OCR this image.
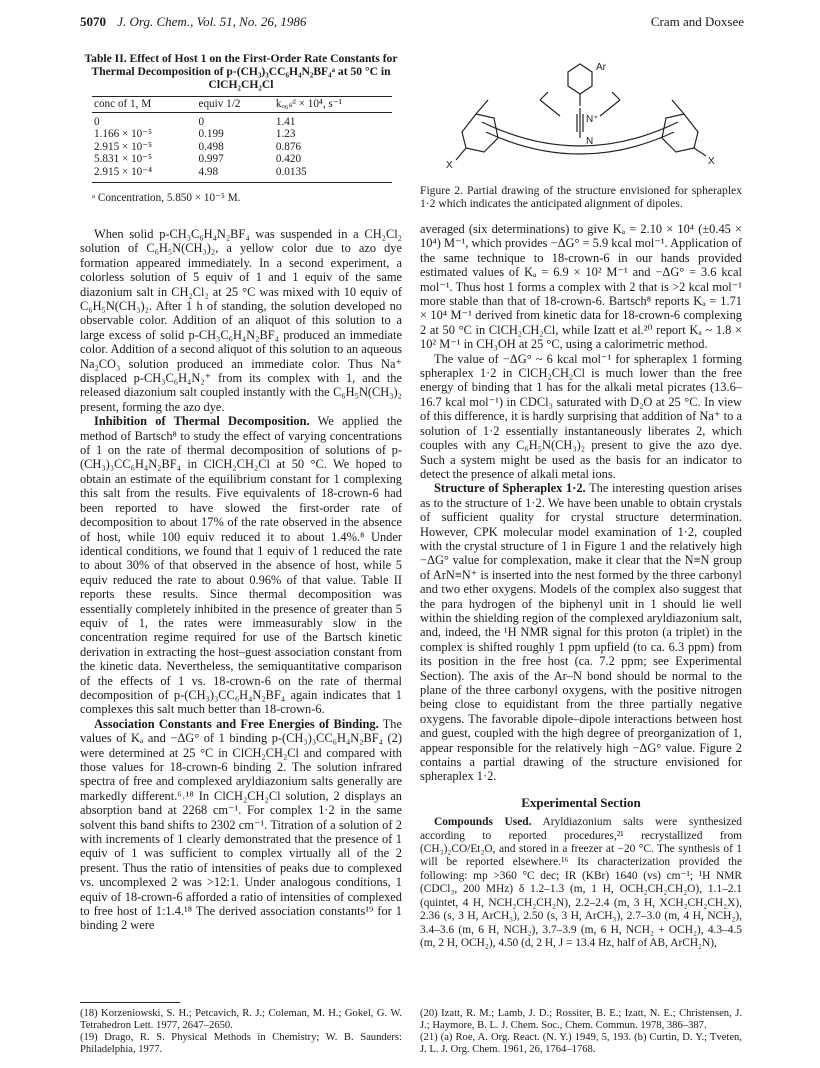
5070 J. Org. Chem., Vol. 51, No. 26, 1986	Cram and Doxsee
Table II. Effect of Host 1 on the First-Order Rate Constants for Thermal Decomposition of p-(CH₃)₃CC₆H₄N₂BF₄ᵃ at 50 °C in ClCH₂CH₂Cl
conc of 1, M	equiv 1/2	kₒ₆ₛᵈ × 10⁴, s⁻¹
0	0	1.41
1.166 × 10⁻⁵	0.199	1.23
2.915 × 10⁻⁵	0.498	0.876
5.831 × 10⁻⁵	0.997	0.420
2.915 × 10⁻⁴	4.98	0.0135
ᵃ Concentration, 5.850 × 10⁻⁵ M.

When solid p-CH₃C₆H₄N₂BF₄ was suspended in a CH₂Cl₂ solution of C₆H₅N(CH₃)₂, a yellow color due to azo dye formation appeared immediately. In a second experiment, a colorless solution of 5 equiv of 1 and 1 equiv of the same diazonium salt in CH₂Cl₂ at 25 °C was mixed with 10 equiv of C₆H₅N(CH₃)₂. After 1 h of standing, the solution developed no observable color. Addition of an aliquot of this solution to a large excess of solid p-CH₃C₆H₄N₂BF₄ produced an immediate color. Addition of a second aliquot of this solution to an aqueous Na₂CO₃ solution produced an immediate color. Thus Na⁺ displaced p-CH₃C₆H₄N₂⁺ from its complex with 1, and the released diazonium salt coupled instantly with the C₆H₅N(CH₃)₂ present, forming the azo dye.

Inhibition of Thermal Decomposition. We applied the method of Bartsch⁸ to study the effect of varying concentrations of 1 on the rate of thermal decomposition of solutions of p-(CH₃)₃CC₆H₄N₂BF₄ in ClCH₂CH₂Cl at 50 °C. We hoped to obtain an estimate of the equilibrium constant for 1 complexing this salt from the results. Five equivalents of 18-crown-6 had been reported to have slowed the first-order rate of decomposition to about 17% of the rate observed in the absence of host, while 100 equiv reduced it to about 1.4%.⁸ Under identical conditions, we found that 1 equiv of 1 reduced the rate to about 30% of that observed in the absence of host, while 5 equiv reduced the rate to about 0.96% of that value. Table II reports these results. Since thermal decomposition was essentially completely inhibited in the presence of greater than 5 equiv of 1, the rates were immeasurably slow in the concentration regime required for use of the Bartsch kinetic derivation in extracting the host–guest association constant from the kinetic data. Nevertheless, the semiquantitative comparison of the effects of 1 vs. 18-crown-6 on the rate of thermal decomposition of p-(CH₃)₃CC₆H₄N₂BF₄ again indicates that 1 complexes this salt much better than 18-crown-6.

Association Constants and Free Energies of Binding. The values of Kₐ and −ΔG° of 1 binding p-(CH₃)₃CC₆H₄N₂BF₄ (2) were determined at 25 °C in ClCH₂CH₂Cl and compared with those values for 18-crown-6 binding 2. The solution infrared spectra of free and complexed aryldiazonium salts generally are markedly different.⁶˒¹⁸ In ClCH₂CH₂Cl solution, 2 displays an absorption band at 2268 cm⁻¹. For complex 1·2 in the same solvent this band shifts to 2302 cm⁻¹. Titration of a solution of 2 with increments of 1 clearly demonstrated that the presence of 1 equiv of 1 was sufficient to complex virtually all of the 2 present. Thus the ratio of intensities of peaks due to complexed vs. uncomplexed 2 was >12:1. Under analogous conditions, 1 equiv of 18-crown-6 afforded a ratio of intensities of complexed to free host of 1:1.4.¹⁸ The derived association constants¹⁹ for 1 binding 2 were

Ar
N⁺
N
X	X
Figure 2. Partial drawing of the structure envisioned for spheraplex 1·2 which indicates the anticipated alignment of dipoles.

averaged (six determinations) to give Kₐ = 2.10 × 10⁴ (±0.45 × 10⁴) M⁻¹, which provides −ΔG° = 5.9 kcal mol⁻¹. Application of the same technique to 18-crown-6 in our hands provided estimated values of Kₐ = 6.9 × 10² M⁻¹ and −ΔG° = 3.6 kcal mol⁻¹. Thus host 1 forms a complex with 2 that is >2 kcal mol⁻¹ more stable than that of 18-crown-6. Bartsch⁸ reports Kₐ = 1.71 × 10⁴ M⁻¹ derived from kinetic data for 18-crown-6 complexing 2 at 50 °C in ClCH₂CH₂Cl, while Izatt et al.²⁰ report Kₐ ~ 1.8 × 10² M⁻¹ in CH₃OH at 25 °C, using a calorimetric method.

The value of −ΔG° ~ 6 kcal mol⁻¹ for spheraplex 1 forming spheraplex 1·2 in ClCH₂CH₂Cl is much lower than the free energy of binding that 1 has for the alkali metal picrates (13.6–16.7 kcal mol⁻¹) in CDCl₃ saturated with D₂O at 25 °C. In view of this difference, it is hardly surprising that addition of Na⁺ to a solution of 1·2 essentially instantaneously liberates 2, which couples with any C₆H₅N(CH₃)₂ present to give the azo dye. Such a system might be used as the basis for an indicator to detect the presence of alkali metal ions.

Structure of Spheraplex 1·2. The interesting question arises as to the structure of 1·2. We have been unable to obtain crystals of sufficient quality for crystal structure determination. However, CPK molecular model examination of 1·2, coupled with the crystal structure of 1 in Figure 1 and the relatively high −ΔG° value for complexation, make it clear that the N≡N group of ArN≡N⁺ is inserted into the nest formed by the three carbonyl and two ether oxygens. Models of the complex also suggest that the para hydrogen of the biphenyl unit in 1 should lie well within the shielding region of the complexed aryldiazonium salt, and, indeed, the ¹H NMR signal for this proton (a triplet) in the complex is shifted roughly 1 ppm upfield (to ca. 6.3 ppm) from its position in the free host (ca. 7.2 ppm; see Experimental Section). The axis of the Ar–N bond should be normal to the plane of the three carbonyl oxygens, with the positive nitrogen being close to equidistant from the three partially negative oxygens. The favorable dipole–dipole interactions between host and guest, coupled with the high degree of preorganization of 1, appear responsible for the relatively high −ΔG° value. Figure 2 contains a partial drawing of the structure envisioned for spheraplex 1·2.

Experimental Section

Compounds Used. Aryldiazonium salts were synthesized according to reported procedures,²¹ recrystallized from (CH₃)₂CO/Et₂O, and stored in a freezer at −20 °C. The synthesis of 1 will be reported elsewhere.¹⁶ Its characterization provided the following: mp >360 °C dec; IR (KBr) 1640 (vs) cm⁻¹; ¹H NMR (CDCl₃, 200 MHz) δ 1.2–1.3 (m, 1 H, OCH₂CH₂CH₂O), 1.1–2.1 (quintet, 4 H, NCH₂CH₂CH₂N), 2.2–2.4 (m, 3 H, XCH₂CH₂CH₂X), 2.36 (s, 3 H, ArCH₃), 2.50 (s, 3 H, ArCH₃), 2.7–3.0 (m, 4 H, NCH₂), 3.4–3.6 (m, 6 H, NCH₂), 3.7–3.9 (m, 6 H, NCH₂ + OCH₂), 4.3–4.5 (m, 2 H, OCH₂), 4.50 (d, 2 H, J = 13.4 Hz, half of AB, ArCH₂N),

(18) Korzeniowski, S. H.; Petcavich, R. J.; Coleman, M. H.; Gokel, G. W. Tetrahedron Lett. 1977, 2647–2650.

(19) Drago, R. S. Physical Methods in Chemistry; W. B. Saunders: Philadelphia, 1977.

(20) Izatt, R. M.; Lamb, J. D.; Rossiter, B. E.; Izatt, N. E.; Christensen, J. J.; Haymore, B. L. J. Chem. Soc., Chem. Commun. 1978, 386–387.

(21) (a) Roe, A. Org. React. (N. Y.) 1949, 5, 193. (b) Curtin, D. Y.; Tveten, J. L. J. Org. Chem. 1961, 26, 1764–1768.
